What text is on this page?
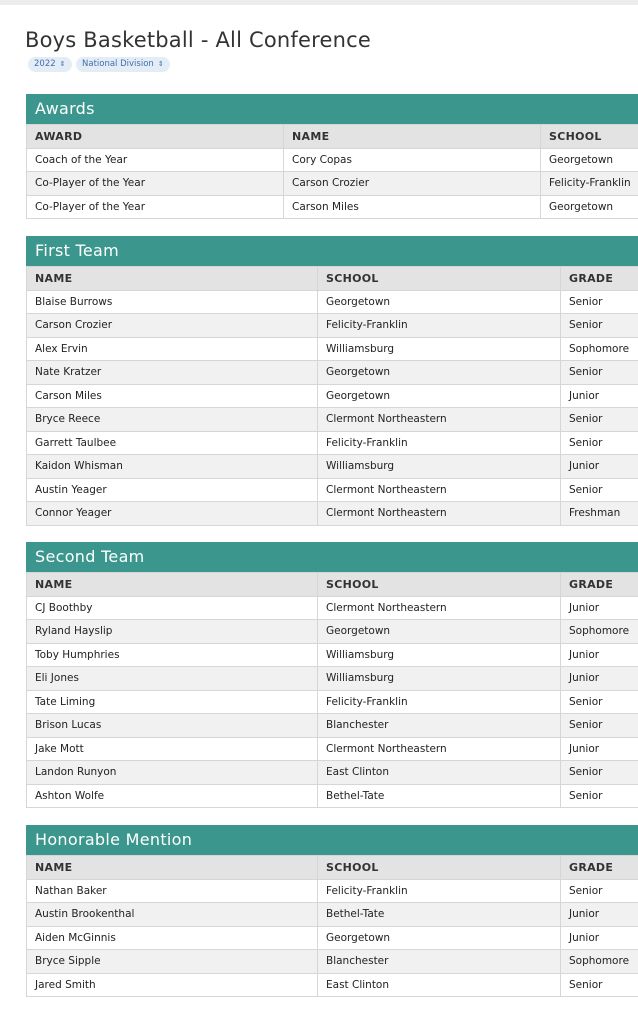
Boys Basketball - All Conference
2022 ⇕	National Division ⇕
Awards
AWARD	NAME	SCHOOL
Coach of the Year	Cory Copas	Georgetown
Co-Player of the Year	Carson Crozier	Felicity-Franklin
Co-Player of the Year	Carson Miles	Georgetown
First Team
NAME	SCHOOL	GRADE
Blaise Burrows	Georgetown	Senior
Carson Crozier	Felicity-Franklin	Senior
Alex Ervin	Williamsburg	Sophomore
Nate Kratzer	Georgetown	Senior
Carson Miles	Georgetown	Junior
Bryce Reece	Clermont Northeastern	Senior
Garrett Taulbee	Felicity-Franklin	Senior
Kaidon Whisman	Williamsburg	Junior
Austin Yeager	Clermont Northeastern	Senior
Connor Yeager	Clermont Northeastern	Freshman
Second Team
NAME	SCHOOL	GRADE
CJ Boothby	Clermont Northeastern	Junior
Ryland Hayslip	Georgetown	Sophomore
Toby Humphries	Williamsburg	Junior
Eli Jones	Williamsburg	Junior
Tate Liming	Felicity-Franklin	Senior
Brison Lucas	Blanchester	Senior
Jake Mott	Clermont Northeastern	Junior
Landon Runyon	East Clinton	Senior
Ashton Wolfe	Bethel-Tate	Senior
Honorable Mention
NAME	SCHOOL	GRADE
Nathan Baker	Felicity-Franklin	Senior
Austin Brookenthal	Bethel-Tate	Junior
Aiden McGinnis	Georgetown	Junior
Bryce Sipple	Blanchester	Sophomore
Jared Smith	East Clinton	Senior
